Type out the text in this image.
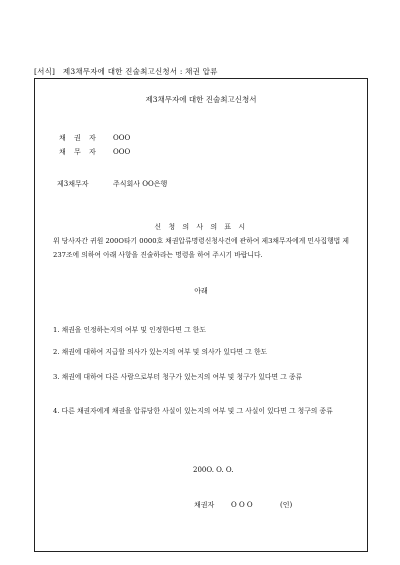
[서식] 제3채무자에 대한 진술최고신청서 : 채권 압류
제3채무자에 대한 진술최고신청서
채 권 자 OOO
채 무 자 OOO
제3채무자	주식회사 OO은행
신 청 의 사 의 표 시
위 당사자간 귀원 200O타기 0000호 채권압류명령신청사건에 관하여 제3채무자에게 민사집행법 제237조에 의하여 아래 사항을 진술하라는 명령을 하여 주시기 바랍니다.
아래
1. 채권을 인정하는지의 여부 및 인정한다면 그 한도
2. 채권에 대하여 지급할 의사가 있는지의 여부 및 의사가 있다면 그 한도
3. 채권에 대하여 다른 사람으로부터 청구가 있는지의 여부 및 청구가 있다면 그 종류
4. 다른 채권자에게 채권을 압류당한 사실이 있는지의 여부 및 그 사실이 있다면 그 청구의 종류
200O. O. O.
채권자 O O O	(인)
